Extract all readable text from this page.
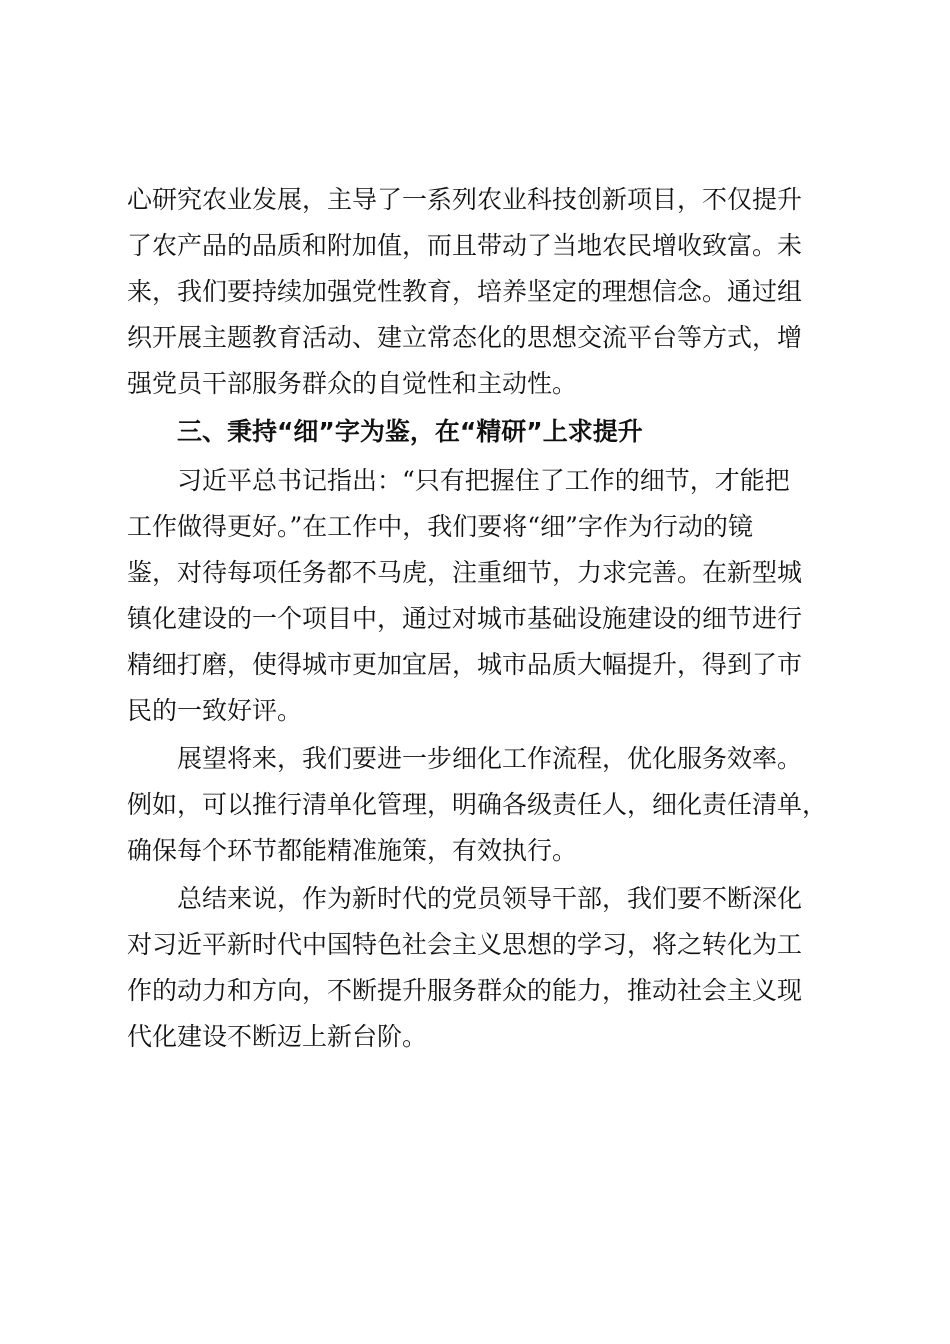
心研究农业发展，主导了一系列农业科技创新项目，不仅提升
了农产品的品质和附加值，而且带动了当地农民增收致富。未
来，我们要持续加强党性教育，培养坚定的理想信念。通过组
织开展主题教育活动、建立常态化的思想交流平台等方式，增
强党员干部服务群众的自觉性和主动性。
三、秉持“细”字为鉴，在“精研”上求提升
习近平总书记指出：“只有把握住了工作的细节，才能把
工作做得更好。”在工作中，我们要将“细”字作为行动的镜
鉴，对待每项任务都不马虎，注重细节，力求完善。在新型城
镇化建设的一个项目中，通过对城市基础设施建设的细节进行
精细打磨，使得城市更加宜居，城市品质大幅提升，得到了市
民的一致好评。
展望将来，我们要进一步细化工作流程，优化服务效率。
例如，可以推行清单化管理，明确各级责任人，细化责任清单，
确保每个环节都能精准施策，有效执行。
总结来说，作为新时代的党员领导干部，我们要不断深化
对习近平新时代中国特色社会主义思想的学习，将之转化为工
作的动力和方向，不断提升服务群众的能力，推动社会主义现
代化建设不断迈上新台阶。
